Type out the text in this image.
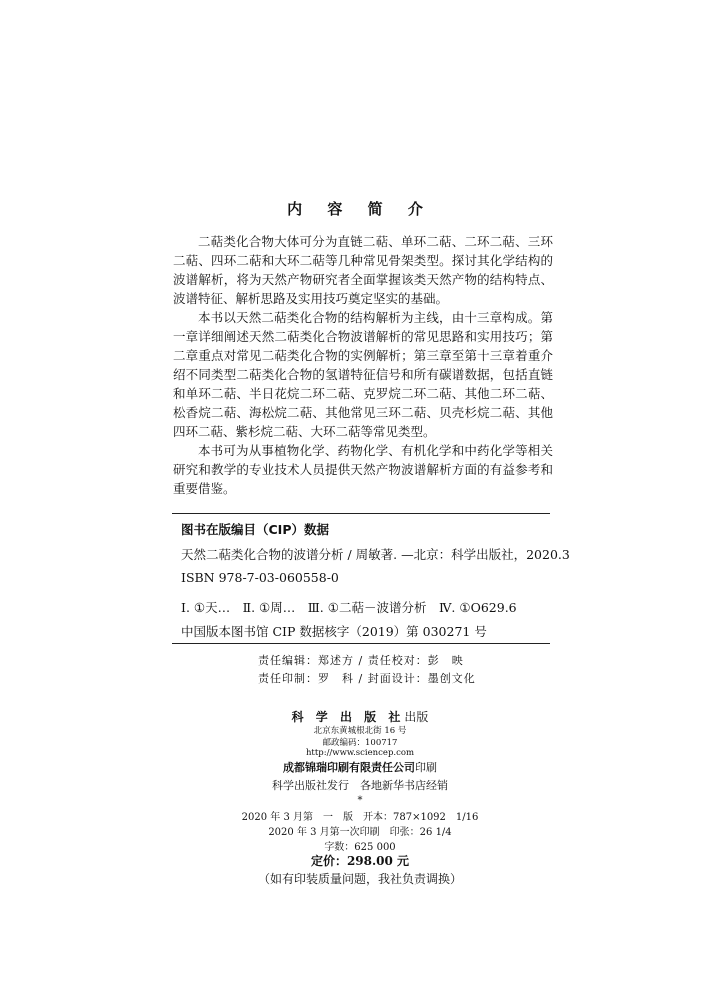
内 容 简 介

二萜类化合物大体可分为直链二萜、单环二萜、二环二萜、三环二萜、四环二萜和大环二萜等几种常见骨架类型。探讨其化学结构的波谱解析，将为天然产物研究者全面掌握该类天然产物的结构特点、波谱特征、解析思路及实用技巧奠定坚实的基础。

本书以天然二萜类化合物的结构解析为主线，由十三章构成。第一章详细阐述天然二萜类化合物波谱解析的常见思路和实用技巧；第二章重点对常见二萜类化合物的实例解析；第三章至第十三章着重介绍不同类型二萜类化合物的氢谱特征信号和所有碳谱数据，包括直链和单环二萜、半日花烷二环二萜、克罗烷二环二萜、其他二环二萜、松香烷二萜、海松烷二萜、其他常见三环二萜、贝壳杉烷二萜、其他四环二萜、紫杉烷二萜、大环二萜等常见类型。

本书可为从事植物化学、药物化学、有机化学和中药化学等相关研究和教学的专业技术人员提供天然产物波谱解析方面的有益参考和重要借鉴。

图书在版编目（CIP）数据
天然二萜类化合物的波谱分析 / 周敏著. —北京：科学出版社，2020.3
ISBN 978-7-03-060558-0
Ⅰ. ①天…　Ⅱ. ①周…　Ⅲ. ①二萜－波谱分析　Ⅳ. ①O629.6
中国版本图书馆 CIP 数据核字（2019）第 030271 号
责任编辑：郑述方 / 责任校对：彭　映
责任印制：罗　科 / 封面设计：墨创文化
科 学 出 版 社出版
北京东黄城根北街 16 号
邮政编码：100717
http://www.sciencep.com
成都锦瑞印刷有限责任公司印刷
科学出版社发行　各地新华书店经销
*
2020 年 3 月第　一　版　开本：787×1092　1/16
2020 年 3 月第一次印刷　印张：26 1/4
字数：625 000
定价：298.00 元
（如有印装质量问题，我社负责调换）
